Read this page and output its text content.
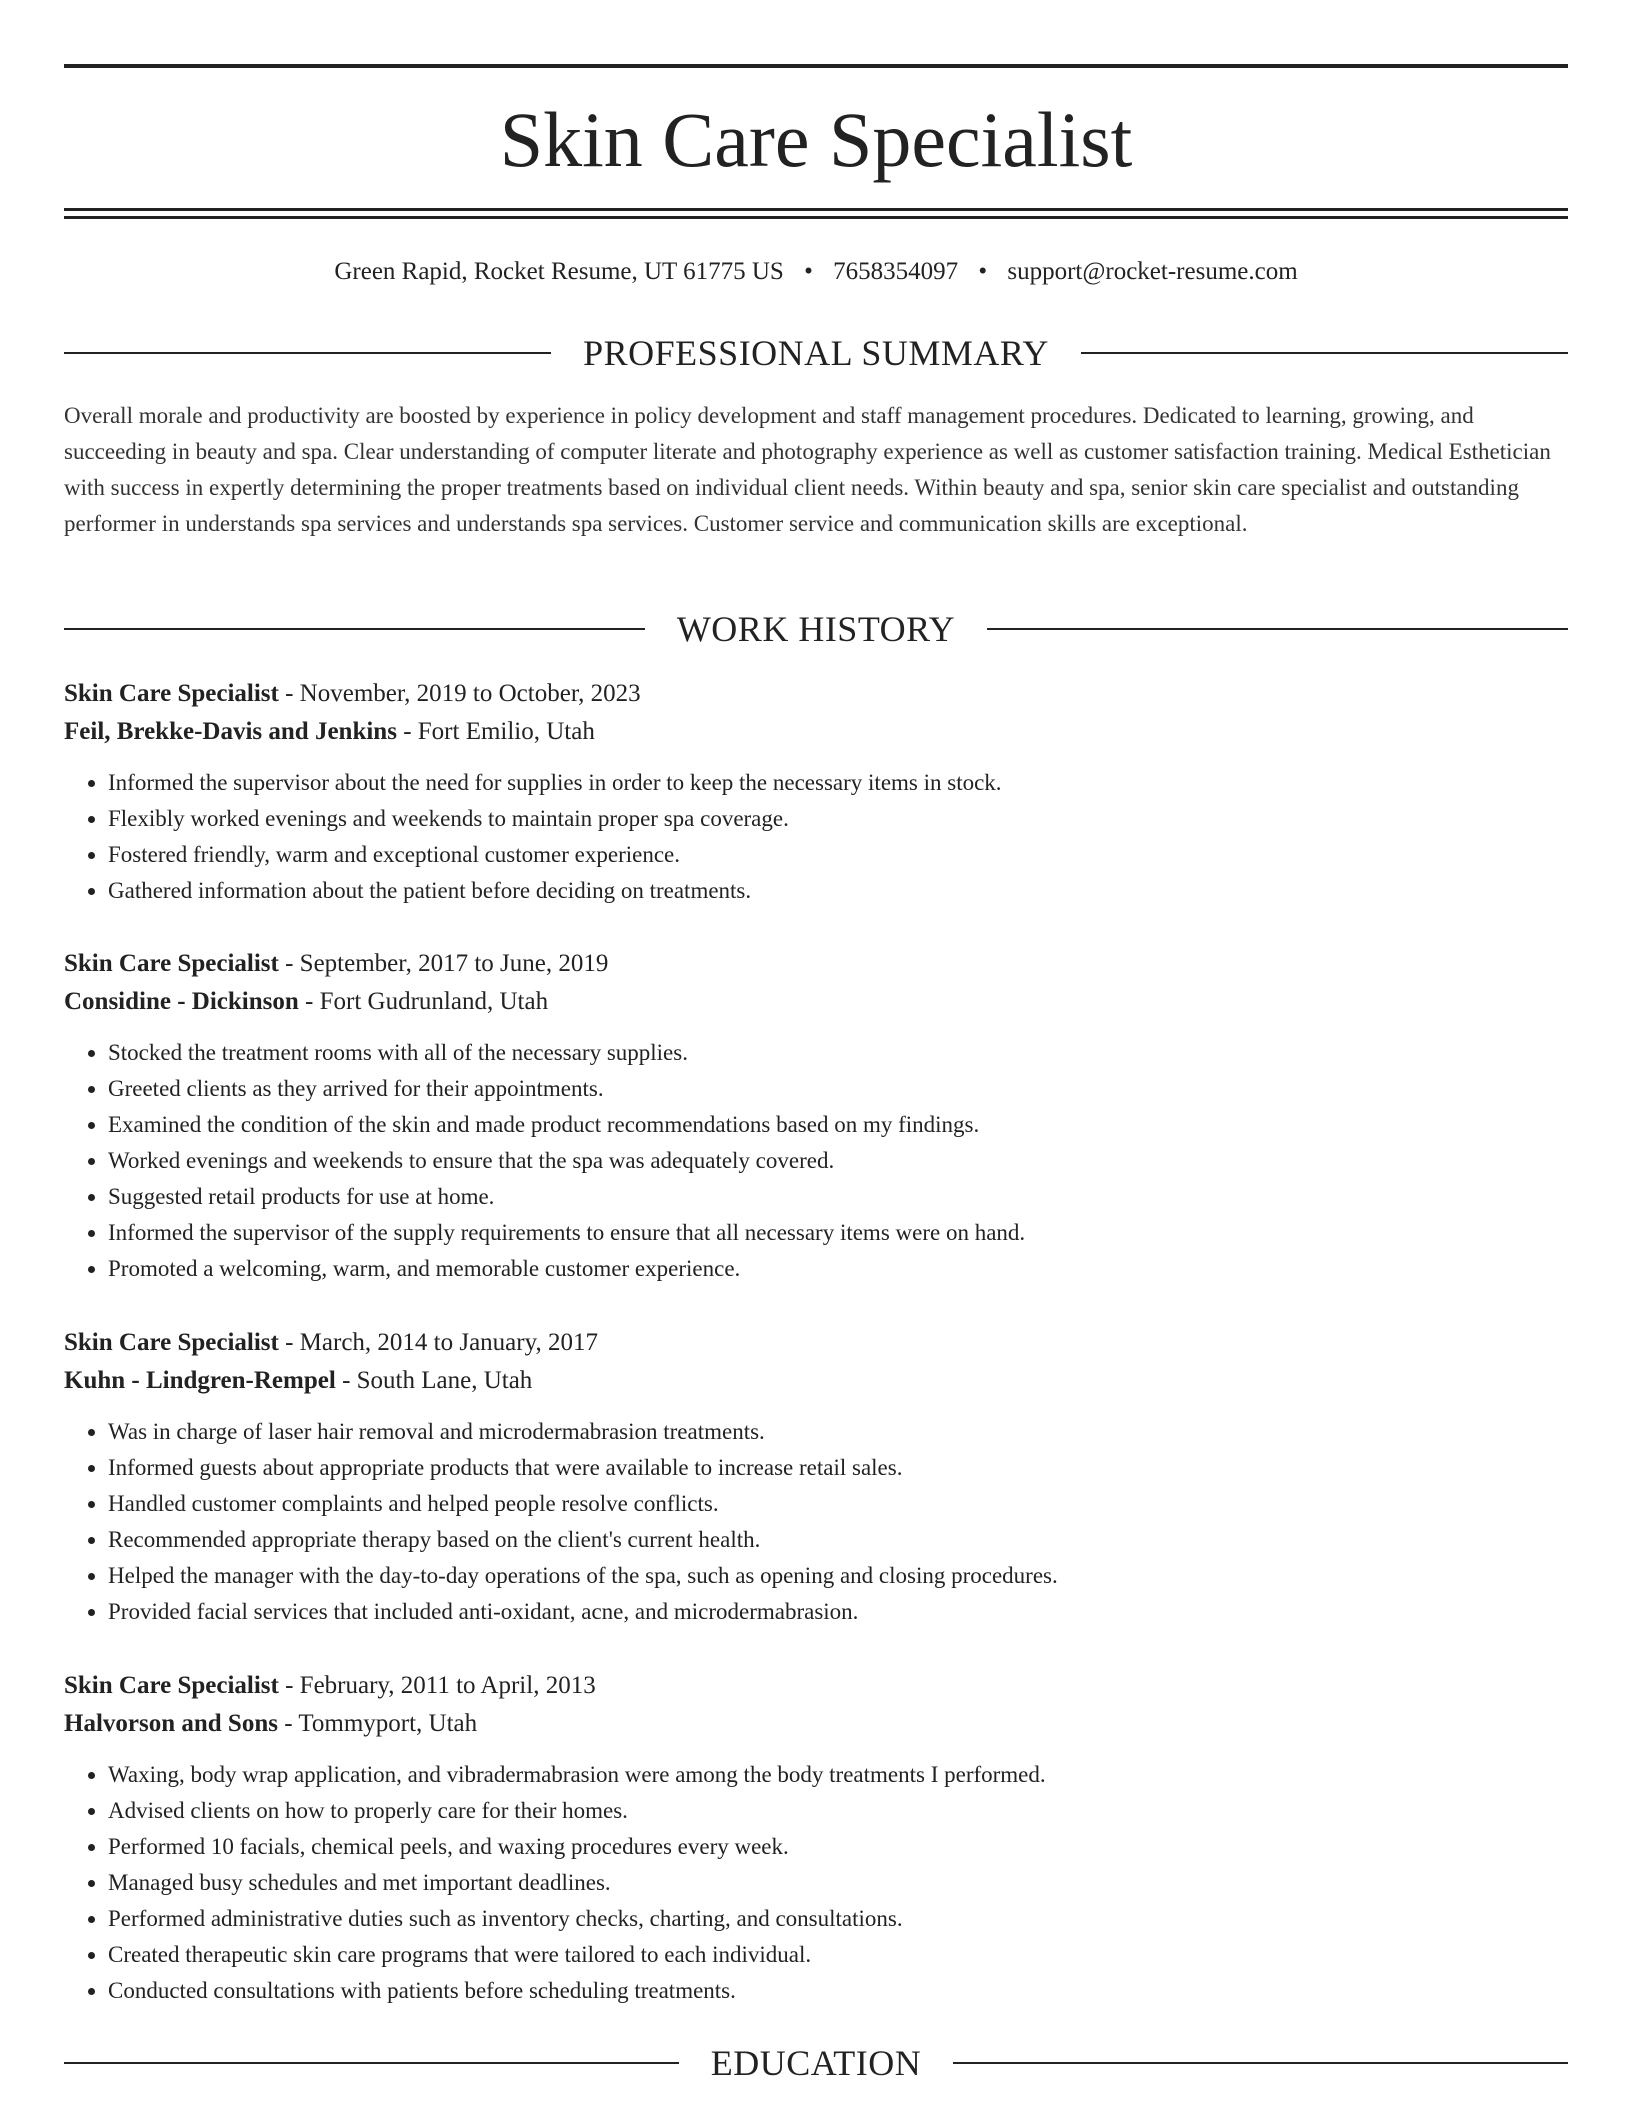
Skin Care Specialist
Green Rapid, Rocket Resume, UT 61775 US • 7658354097 • support@rocket-resume.com
PROFESSIONAL SUMMARY

Overall morale and productivity are boosted by experience in policy development and staff management procedures. Dedicated to learning, growing, and succeeding in beauty and spa. Clear understanding of computer literate and photography experience as well as customer satisfaction training. Medical Esthetician with success in expertly determining the proper treatments based on individual client needs. Within beauty and spa, senior skin care specialist and outstanding performer in understands spa services and understands spa services. Customer service and communication skills are exceptional.

WORK HISTORY
Skin Care Specialist - November, 2019 to October, 2023
Feil, Brekke-Davis and Jenkins - Fort Emilio, Utah
• Informed the supervisor about the need for supplies in order to keep the necessary items in stock.
• Flexibly worked evenings and weekends to maintain proper spa coverage.
• Fostered friendly, warm and exceptional customer experience.
• Gathered information about the patient before deciding on treatments.
Skin Care Specialist - September, 2017 to June, 2019
Considine - Dickinson - Fort Gudrunland, Utah
• Stocked the treatment rooms with all of the necessary supplies.
• Greeted clients as they arrived for their appointments.
• Examined the condition of the skin and made product recommendations based on my findings.
• Worked evenings and weekends to ensure that the spa was adequately covered.
• Suggested retail products for use at home.
• Informed the supervisor of the supply requirements to ensure that all necessary items were on hand.
• Promoted a welcoming, warm, and memorable customer experience.
Skin Care Specialist - March, 2014 to January, 2017
Kuhn - Lindgren-Rempel - South Lane, Utah
• Was in charge of laser hair removal and microdermabrasion treatments.
• Informed guests about appropriate products that were available to increase retail sales.
• Handled customer complaints and helped people resolve conflicts.
• Recommended appropriate therapy based on the client's current health.
• Helped the manager with the day-to-day operations of the spa, such as opening and closing procedures.
• Provided facial services that included anti-oxidant, acne, and microdermabrasion.
Skin Care Specialist - February, 2011 to April, 2013
Halvorson and Sons - Tommyport, Utah
• Waxing, body wrap application, and vibradermabrasion were among the body treatments I performed.
• Advised clients on how to properly care for their homes.
• Performed 10 facials, chemical peels, and waxing procedures every week.
• Managed busy schedules and met important deadlines.
• Performed administrative duties such as inventory checks, charting, and consultations.
• Created therapeutic skin care programs that were tailored to each individual.
• Conducted consultations with patients before scheduling treatments.
EDUCATION
